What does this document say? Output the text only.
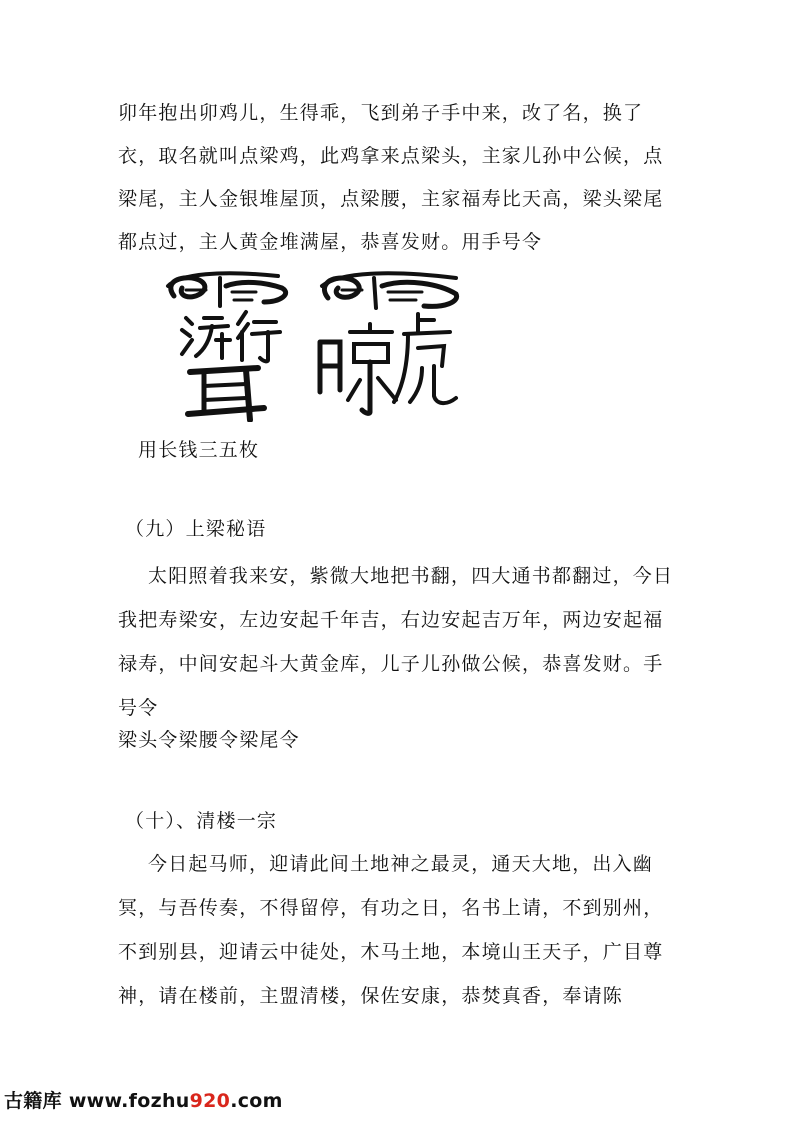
卯年抱出卯鸡儿，生得乖，飞到弟子手中来，改了名，换了衣，取名就叫点梁鸡，此鸡拿来点梁头，主家儿孙中公候，点梁尾，主人金银堆屋顶，点梁腰，主家福寿比天高，梁头梁尾都点过，主人黄金堆满屋，恭喜发财。用手号令

用长钱三五枚
（九）上梁秘语

太阳照着我来安，紫微大地把书翻，四大通书都翻过，今日我把寿梁安，左边安起千年吉，右边安起吉万年，两边安起福禄寿，中间安起斗大黄金库，儿子儿孙做公候，恭喜发财。手号令

梁头令梁腰令梁尾令
（十）、清楼一宗

今日起马师，迎请此间土地神之最灵，通天大地，出入幽冥，与吾传奏，不得留停，有功之日，名书上请，不到别州，不到别县，迎请云中徒处，木马土地，本境山王天子，广目尊神，请在楼前，主盟清楼，保佐安康，恭焚真香，奉请陈

古籍库 www.fozhu920.com
